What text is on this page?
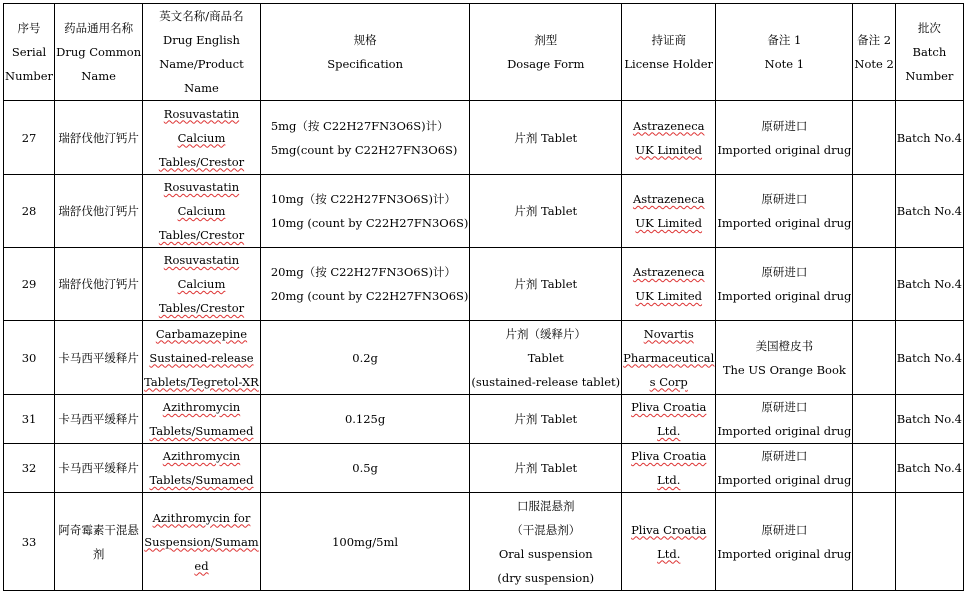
序号
Serial
Number	药品通用名称
Drug Common
Name	英文名称/商品名
Drug English
Name/Product
Name	规格
Specification	剂型
Dosage Form	持证商
License Holder	备注 1
Note 1	备注 2
Note 2	批次
Batch
Number

27	瑞舒伐他汀钙片	Rosuvastatin
Calcium
Tables/Crestor	5mg（按 C22H27FN3O6S)计）
5mg(count by C22H27FN3O6S)	片剂 Tablet	Astrazeneca
UK Limited	原研进口
Imported original drug		Batch No.4

28	瑞舒伐他汀钙片	Rosuvastatin
Calcium
Tables/Crestor	10mg（按 C22H27FN3O6S)计）
10mg (count by C22H27FN3O6S)	片剂 Tablet	Astrazeneca
UK Limited	原研进口
Imported original drug		Batch No.4

29	瑞舒伐他汀钙片	Rosuvastatin
Calcium
Tables/Crestor	20mg（按 C22H27FN3O6S)计）
20mg (count by C22H27FN3O6S)	片剂 Tablet	Astrazeneca
UK Limited	原研进口
Imported original drug		Batch No.4

30	卡马西平缓释片	Carbamazepine
Sustained-release
Tablets/Tegretol-XR	0.2g	片剂（缓释片）
Tablet
(sustained-release tablet)	Novartis
Pharmaceutical
s Corp	美国橙皮书
The US Orange Book		Batch No.4

31	卡马西平缓释片	Azithromycin
Tablets/Sumamed	0.125g	片剂 Tablet	Pliva Croatia
Ltd.	原研进口
Imported original drug		Batch No.4

32	卡马西平缓释片	Azithromycin
Tablets/Sumamed	0.5g	片剂 Tablet	Pliva Croatia
Ltd.	原研进口
Imported original drug		Batch No.4

33	阿奇霉素干混悬
剂	Azithromycin for
Suspension/Sumam
ed	100mg/5ml	口服混悬剂
（干混悬剂）
Oral suspension
(dry suspension)	Pliva Croatia
Ltd.	原研进口
Imported original drug		
